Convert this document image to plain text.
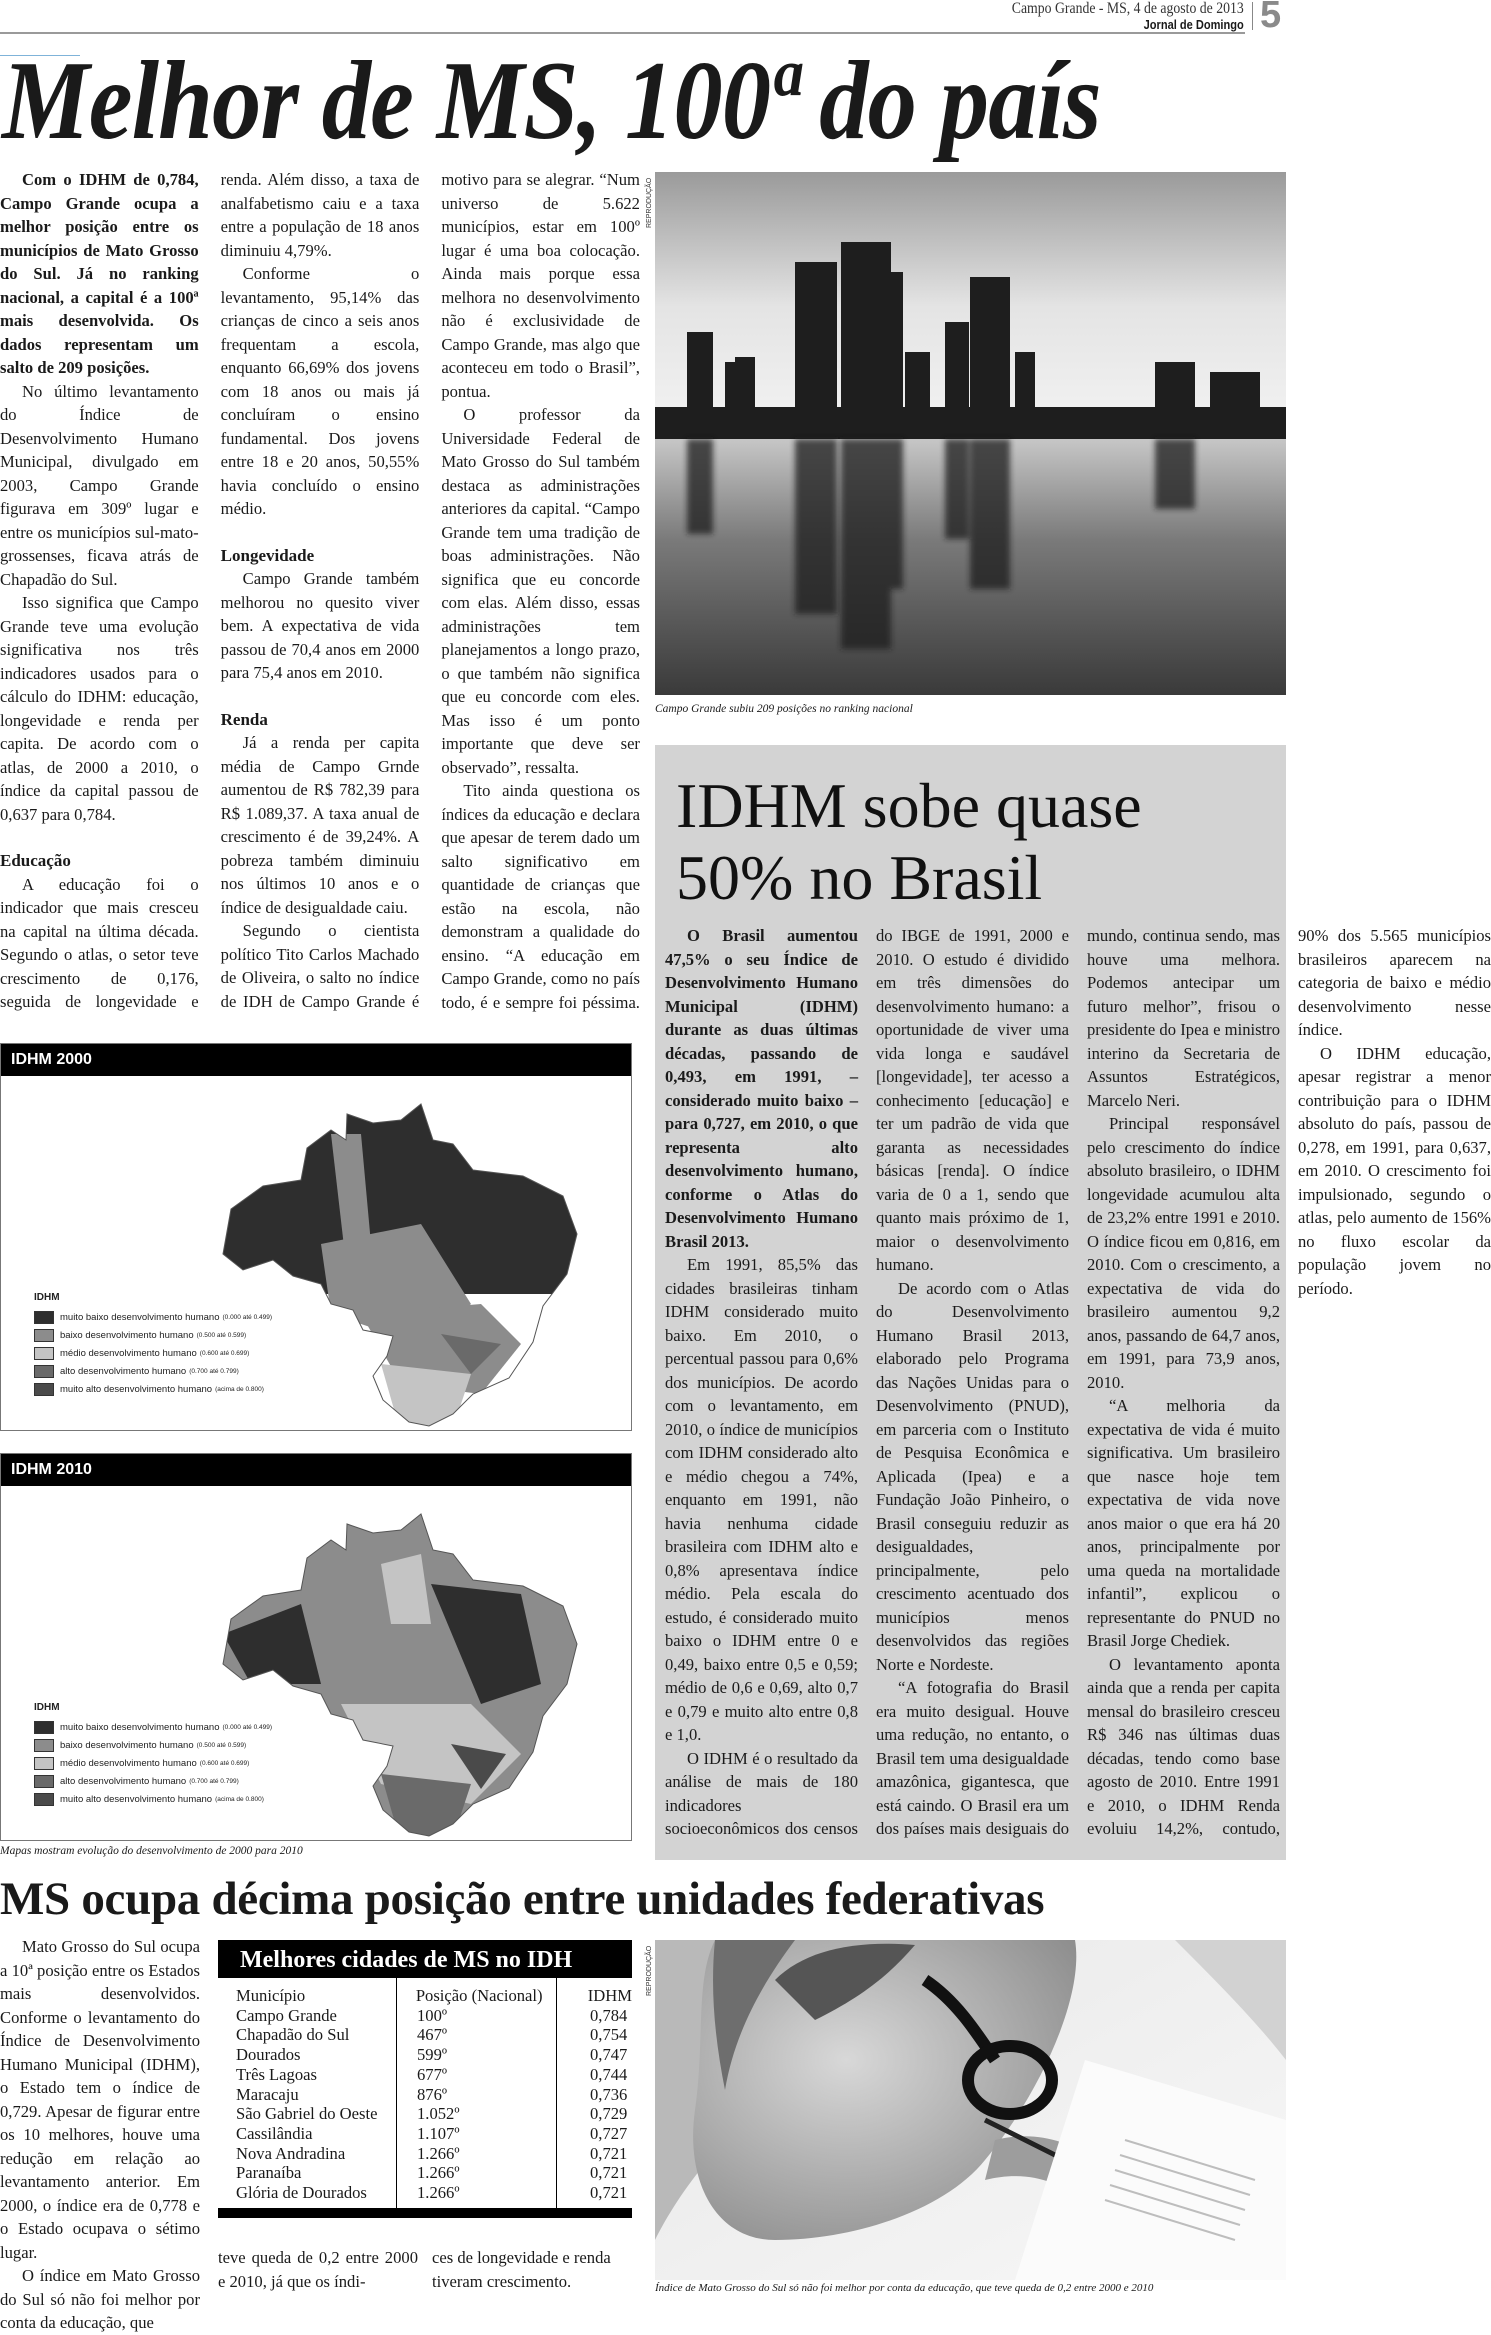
Campo Grande - MS, 4 de agosto de 2013
Jornal de Domingo 5
Melhor de MS, 100ª do país

Com o IDHM de 0,784, Campo Grande ocupa a melhor posição entre os municípios de Mato Grosso do Sul. Já no ranking nacional, a capital é a 100ª mais desenvolvida. Os dados representam um salto de 209 posições.

No último levantamento do Índice de Desenvolvimento Humano Municipal, divulgado em 2003, Campo Grande figurava em 309º lugar e entre os municípios sul-mato-grossenses, ficava atrás de Chapadão do Sul.

Isso significa que Campo Grande teve uma evolução significativa nos três indicadores usados para o cálculo do IDHM: educação, longevidade e renda per capita. De acordo com o atlas, de 2000 a 2010, o índice da capital passou de 0,637 para 0,784.

Educação

A educação foi o indicador que mais cresceu na capital na última década. Segundo o atlas, o setor teve crescimento de 0,176, seguida de longevidade e renda. Além disso, a taxa de analfabetismo caiu e a taxa entre a população de 18 anos diminuiu 4,79%.

Conforme o levantamento, 95,14% das crianças de cinco a seis anos frequentam a escola, enquanto 66,69% dos jovens com 18 anos ou mais já concluíram o ensino fundamental. Dos jovens entre 18 e 20 anos, 50,55% havia concluído o ensino médio.

Longevidade

Campo Grande também melhorou no quesito viver bem. A expectativa de vida passou de 70,4 anos em 2000 para 75,4 anos em 2010.

Renda

Já a renda per capita média de Campo Grnde aumentou de R$ 782,39 para R$ 1.089,37. A taxa anual de crescimento é de 39,24%. A pobreza também diminuiu nos últimos 10 anos e o índice de desigualdade caiu.

Segundo o cientista político Tito Carlos Machado de Oliveira, o salto no índice de IDH de Campo Grande é motivo para se alegrar. “Num universo de 5.622 municípios, estar em 100º lugar é uma boa colocação. Ainda mais porque essa melhora no desenvolvimento não é exclusividade de Campo Grande, mas algo que aconteceu em todo o Brasil”, pontua.

O professor da Universidade Federal de Mato Grosso do Sul também destaca as administrações anteriores da capital. “Campo Grande tem uma tradição de boas administrações. Não significa que eu concorde com elas. Além disso, essas administrações tem planejamentos a longo prazo, o que também não significa que eu concorde com eles. Mas isso é um ponto importante que deve ser observado”, ressalta.

Tito ainda questiona os índices da educação e declara que apesar de terem dado um salto significativo em quantidade de crianças que estão na escola, não demonstram a qualidade do ensino. “A educação em Campo Grande, como no país todo, é e sempre foi péssima.

REPRODUÇÃO
Campo Grande subiu 209 posições no ranking nacional
IDHM sobe quase
50% no Brasil

O Brasil aumentou 47,5% o seu Índice de Desenvolvimento Humano Municipal (IDHM) durante as duas últimas décadas, passando de 0,493, em 1991, – considerado muito baixo – para 0,727, em 2010, o que representa alto desenvolvimento humano, conforme o Atlas do Desenvolvimento Humano Brasil 2013.

Em 1991, 85,5% das cidades brasileiras tinham IDHM considerado muito baixo. Em 2010, o percentual passou para 0,6% dos municípios. De acordo com o levantamento, em 2010, o índice de municípios com IDHM considerado alto e médio chegou a 74%, enquanto em 1991, não havia nenhuma cidade brasileira com IDHM alto e 0,8% apresentava índice médio. Pela escala do estudo, é considerado muito baixo o IDHM entre 0 e 0,49, baixo entre 0,5 e 0,59; médio de 0,6 e 0,69, alto 0,7 e 0,79 e muito alto entre 0,8 e 1,0.

O IDHM é o resultado da análise de mais de 180 indicadores socioeconômicos dos censos do IBGE de 1991, 2000 e 2010. O estudo é dividido em três dimensões do desenvolvimento humano: a oportunidade de viver uma vida longa e saudável [longevidade], ter acesso a conhecimento [educação] e ter um padrão de vida que garanta as necessidades básicas [renda]. O índice varia de 0 a 1, sendo que quanto mais próximo de 1, maior o desenvolvimento humano.

De acordo com o Atlas do Desenvolvimento Humano Brasil 2013, elaborado pelo Programa das Nações Unidas para o Desenvolvimento (PNUD), em parceria com o Instituto de Pesquisa Econômica e Aplicada (Ipea) e a Fundação João Pinheiro, o Brasil conseguiu reduzir as desigualdades, principalmente, pelo crescimento acentuado dos municípios menos desenvolvidos das regiões Norte e Nordeste.

“A fotografia do Brasil era muito desigual. Houve uma redução, no entanto, o Brasil tem uma desigualdade amazônica, gigantesca, que está caindo. O Brasil era um dos países mais desiguais do mundo, continua sendo, mas houve uma melhora. Podemos antecipar um futuro melhor”, frisou o presidente do Ipea e ministro interino da Secretaria de Assuntos Estratégicos, Marcelo Neri.

Principal responsável pelo crescimento do índice absoluto brasileiro, o IDHM longevidade acumulou alta de 23,2% entre 1991 e 2010. O índice ficou em 0,816, em 2010. Com o crescimento, a expectativa de vida do brasileiro aumentou 9,2 anos, passando de 64,7 anos, em 1991, para 73,9 anos, 2010.

“A melhoria da expectativa de vida é muito significativa. Um brasileiro que nasce hoje tem expectativa de vida nove anos maior o que era há 20 anos, principalmente por uma queda na mortalidade infantil”, explicou o representante do PNUD no Brasil Jorge Chediek.

O levantamento aponta ainda que a renda per capita mensal do brasileiro cresceu R$ 346 nas últimas duas décadas, tendo como base agosto de 2010. Entre 1991 e 2010, o IDHM Renda evoluiu 14,2%, contudo, 90% dos 5.565 municípios brasileiros aparecem na categoria de baixo e médio desenvolvimento nesse índice.

O IDHM educação, apesar registrar a menor contribuição para o IDHM absoluto do país, passou de 0,278, em 1991, para 0,637, em 2010. O crescimento foi impulsionado, segundo o atlas, pelo aumento de 156% no fluxo escolar da população jovem no período.

IDHM 2000
IDHM
muito baixo desenvolvimento humano (0.000 até 0.499)
baixo desenvolvimento humano (0.500 até 0.599)
médio desenvolvimento humano (0.600 até 0.699)
alto desenvolvimento humano (0.700 até 0.799)
muito alto desenvolvimento humano (acima de 0.800)
IDHM 2010
IDHM
muito baixo desenvolvimento humano (0.000 até 0.499)
baixo desenvolvimento humano (0.500 até 0.599)
médio desenvolvimento humano (0.600 até 0.699)
alto desenvolvimento humano (0.700 até 0.799)
muito alto desenvolvimento humano (acima de 0.800)
Mapas mostram evolução do desenvolvimento de 2000 para 2010
MS ocupa décima posição entre unidades federativas

Mato Grosso do Sul ocupa a 10ª posição entre os Estados mais desenvolvidos. Conforme o levantamento do Índice de Desenvolvimento Humano Municipal (IDHM), o Estado tem o índice de 0,729. Apesar de figurar entre os 10 melhores, houve uma redução em relação ao levantamento anterior. Em 2000, o índice era de 0,778 e o Estado ocupava o sétimo lugar.

O índice em Mato Grosso do Sul só não foi melhor por conta da educação, que

teve queda de 0,2 entre 2000 e 2010, já que os índi-

ces de longevidade e renda tiveram crescimento.

Melhores cidades de MS no IDH
Município	Posição (Nacional)	IDHM
Campo Grande	100º	0,784
Chapadão do Sul	467º	0,754
Dourados	599º	0,747
Três Lagoas	677º	0,744
Maracaju	876º	0,736
São Gabriel do Oeste	1.052º	0,729
Cassilândia	1.107º	0,727
Nova Andradina	1.266º	0,721
Paranaíba	1.266º	0,721
Glória de Dourados	1.266º	0,721
REPRODUÇÃO
Índice de Mato Grosso do Sul só não foi melhor por conta da educação, que teve queda de 0,2 entre 2000 e 2010
